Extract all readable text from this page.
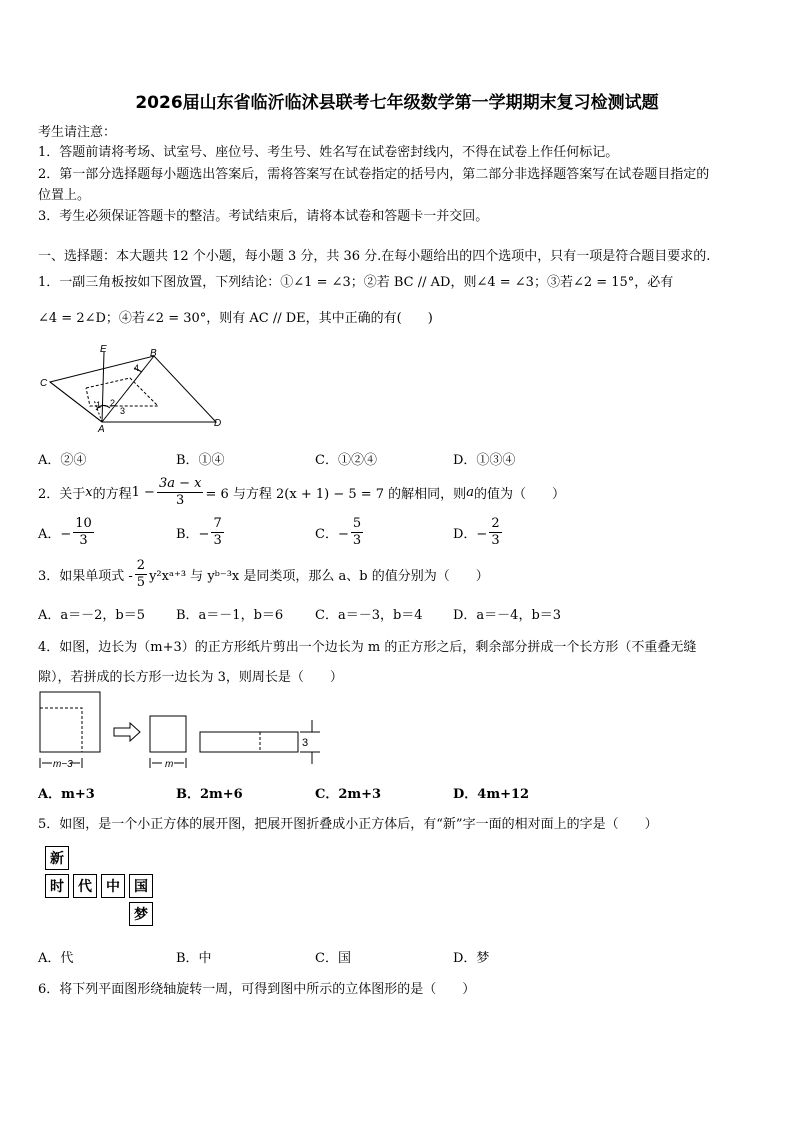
2026届山东省临沂临沭县联考七年级数学第一学期期末复习检测试题
考生请注意：
1．答题前请将考场、试室号、座位号、考生号、姓名写在试卷密封线内，不得在试卷上作任何标记。
2．第一部分选择题每小题选出答案后，需将答案写在试卷指定的括号内，第二部分非选择题答案写在试卷题目指定的
位置上。
3．考生必须保证答题卡的整洁。考试结束后，请将本试卷和答题卡一并交回。
一、选择题：本大题共 12 个小题，每小题 3 分，共 36 分.在每小题给出的四个选项中，只有一项是符合题目要求的.
1．一副三角板按如下图放置，下列结论：①∠1 = ∠3；②若 BC // AD，则∠4 = ∠3；③若∠2 = 15°，必有
∠4 = 2∠D；④若∠2 = 30°，则有 AC // DE，其中正确的有(　　)
E	B
C
4
1 2
3
A
D
A．②④	B．①④	C．①②④	D．①③④
2．关于 x 的方程 $1 - \frac{3a - x}{3} = 6$ 与方程 2(x + 1) − 5 = 7 的解相同，则 a 的值为（　　）
A．− $\frac{10}{3}$	B．− $\frac{7}{3}$	C．− $\frac{5}{3}$	D．− $\frac{2}{3}$
3．如果单项式 - $\frac{2}{5}$ y²xᵃ⁺³ 与 yᵇ⁻³x 是同类项，那么 a、b 的值分别为（　　）
A．a＝－2，b＝5 B．a＝－1，b＝6 C．a＝－3，b＝4 D．a＝－4，b＝3
4．如图，边长为（m+3）的正方形纸片剪出一个边长为 m 的正方形之后，剩余部分拼成一个长方形（不重叠无缝
隙），若拼成的长方形一边长为 3，则周长是（　　）
m−3	m
3
A．m+3	B．2m+6	C．2m+3	D．4m+12
5．如图，是一个小正方体的展开图，把展开图折叠成小正方体后，有“新”字一面的相对面上的字是（　　）
新
时	代	中	国
梦
A．代	B．中	C．国	D．梦
6．将下列平面图形绕轴旋转一周，可得到图中所示的立体图形的是（　　）
